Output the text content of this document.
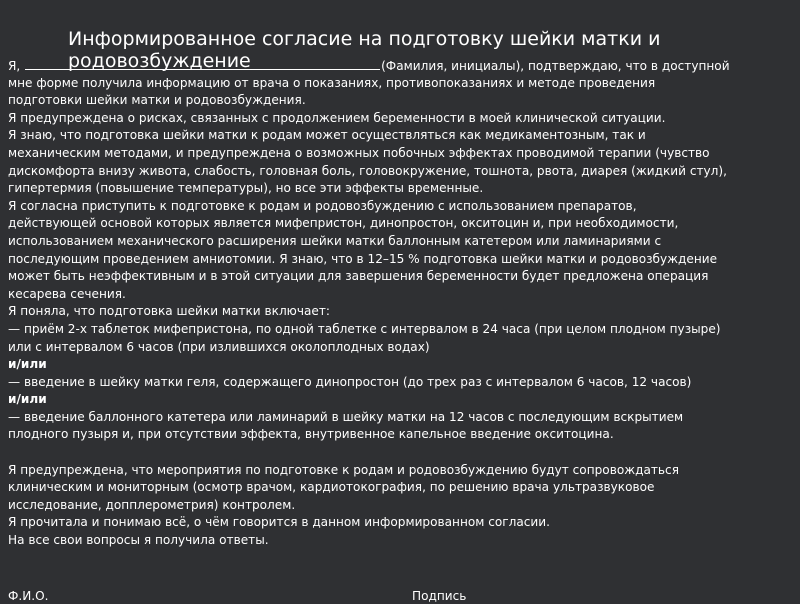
Информированное согласие на подготовку шейки матки и родовозбуждение
Я,	(Фамилия, инициалы), подтверждаю, что в доступной
мне форме получила информацию от врача о показаниях, противопоказаниях и методе проведения
подготовки шейки матки и родовозбуждения.
Я предупреждена о рисках, связанных с продолжением беременности в моей клинической ситуации.
Я знаю, что подготовка шейки матки к родам может осуществляться как медикаментозным, так и
механическим методами, и предупреждена о возможных побочных эффектах проводимой терапии (чувство
дискомфорта внизу живота, слабость, головная боль, головокружение, тошнота, рвота, диарея (жидкий стул),
гипертермия (повышение температуры), но все эти эффекты временные.
Я согласна приступить к подготовке к родам и родовозбуждению с использованием препаратов,
действующей основой которых является мифепристон, динопростон, окситоцин и, при необходимости,
использованием механического расширения шейки матки баллонным катетером или ламинариями с
последующим проведением амниотомии. Я знаю, что в 12–15 % подготовка шейки матки и родовозбуждение
может быть неэффективным и в этой ситуации для завершения беременности будет предложена операция
кесарева сечения.
Я поняла, что подготовка шейки матки включает:
— приём 2-х таблеток мифепристона, по одной таблетке с интервалом в 24 часа (при целом плодном пузыре)
или с интервалом 6 часов (при излившихся околоплодных водах)
и/или
— введение в шейку матки геля, содержащего динопростон (до трех раз с интервалом 6 часов, 12 часов)
и/или
— введение баллонного катетера или ламинарий в шейку матки на 12 часов с последующим вскрытием
плодного пузыря и, при отсутствии эффекта, внутривенное капельное введение окситоцина.
Я предупреждена, что мероприятия по подготовке к родам и родовозбуждению будут сопровождаться
клиническим и мониторным (осмотр врачом, кардиотокография, по решению врача ультразвуковое
исследование, допплерометрия) контролем.
Я прочитала и понимаю всё, о чём говорится в данном информированном согласии.
На все свои вопросы я получила ответы.
Ф.И.О.	Подпись
